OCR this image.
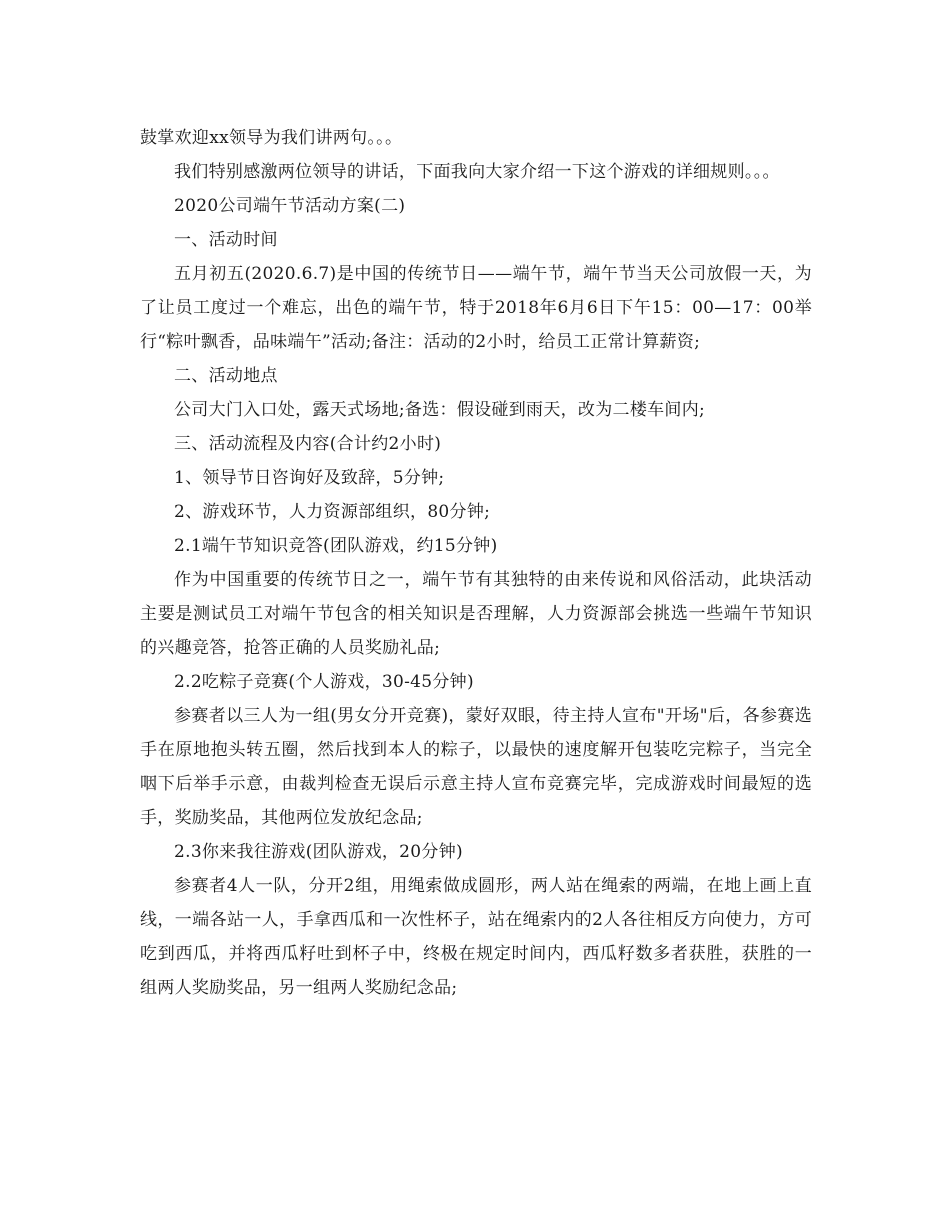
鼓掌欢迎xx领导为我们讲两句。。。

我们特别感激两位领导的讲话，下面我向大家介绍一下这个游戏的详细规则。。。

2020公司端午节活动方案(二)

一、活动时间

五月初五(2020.6.7)是中国的传统节日——端午节，端午节当天公司放假一天，为了让员工度过一个难忘，出色的端午节，特于2018年6月6日下午15：00—17：00举行“粽叶飘香，品味端午”活动;备注：活动的2小时，给员工正常计算薪资;

二、活动地点

公司大门入口处，露天式场地;备选：假设碰到雨天，改为二楼车间内;

三、活动流程及内容(合计约2小时)

1、领导节日咨询好及致辞，5分钟;

2、游戏环节，人力资源部组织，80分钟;

2.1端午节知识竞答(团队游戏，约15分钟)

作为中国重要的传统节日之一，端午节有其独特的由来传说和风俗活动，此块活动主要是测试员工对端午节包含的相关知识是否理解，人力资源部会挑选一些端午节知识的兴趣竞答，抢答正确的人员奖励礼品;

2.2吃粽子竞赛(个人游戏，30-45分钟)

参赛者以三人为一组(男女分开竞赛)，蒙好双眼，待主持人宣布"开场"后，各参赛选手在原地抱头转五圈，然后找到本人的粽子，以最快的速度解开包装吃完粽子，当完全咽下后举手示意，由裁判检查无误后示意主持人宣布竞赛完毕，完成游戏时间最短的选手，奖励奖品，其他两位发放纪念品;

2.3你来我往游戏(团队游戏，20分钟)

参赛者4人一队，分开2组，用绳索做成圆形，两人站在绳索的两端，在地上画上直线，一端各站一人，手拿西瓜和一次性杯子，站在绳索内的2人各往相反方向使力，方可吃到西瓜，并将西瓜籽吐到杯子中，终极在规定时间内，西瓜籽数多者获胜，获胜的一组两人奖励奖品，另一组两人奖励纪念品;
